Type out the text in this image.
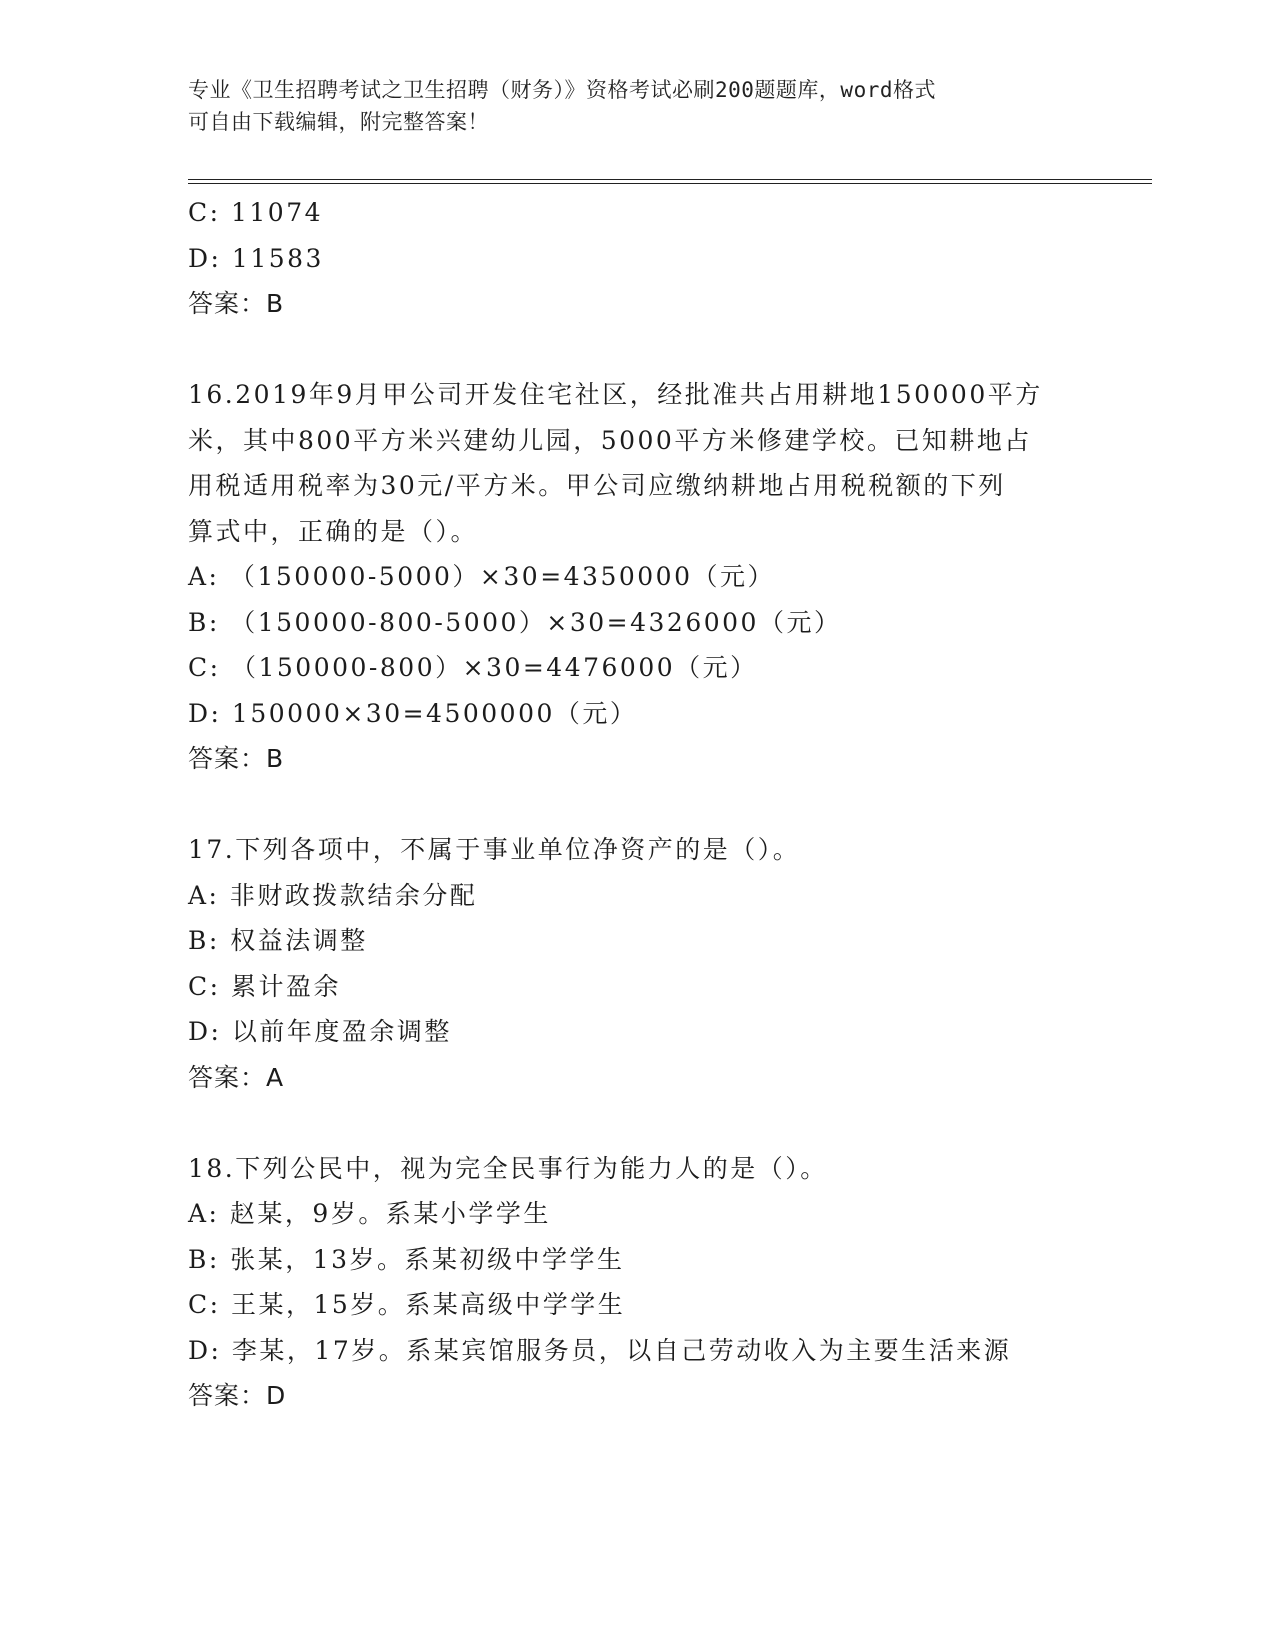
专业《卫生招聘考试之卫生招聘（财务）》资格考试必刷200题题库，word格式
可自由下载编辑，附完整答案！
C: 11074
D: 11583
答案：B
16.2019年9月甲公司开发住宅社区，经批准共占用耕地150000平方
米，其中800平方米兴建幼儿园，5000平方米修建学校。已知耕地占
用税适用税率为30元/平方米。甲公司应缴纳耕地占用税税额的下列
算式中，正确的是（）。
A: （150000-5000）×30=4350000（元）
B: （150000-800-5000）×30=4326000（元）
C: （150000-800）×30=4476000（元）
D: 150000×30=4500000（元）
答案：B
17.下列各项中，不属于事业单位净资产的是（）。
A: 非财政拨款结余分配
B: 权益法调整
C: 累计盈余
D: 以前年度盈余调整
答案：A
18.下列公民中，视为完全民事行为能力人的是（）。
A: 赵某，9岁。系某小学学生
B: 张某，13岁。系某初级中学学生
C: 王某，15岁。系某高级中学学生
D: 李某，17岁。系某宾馆服务员，以自己劳动收入为主要生活来源
答案：D
